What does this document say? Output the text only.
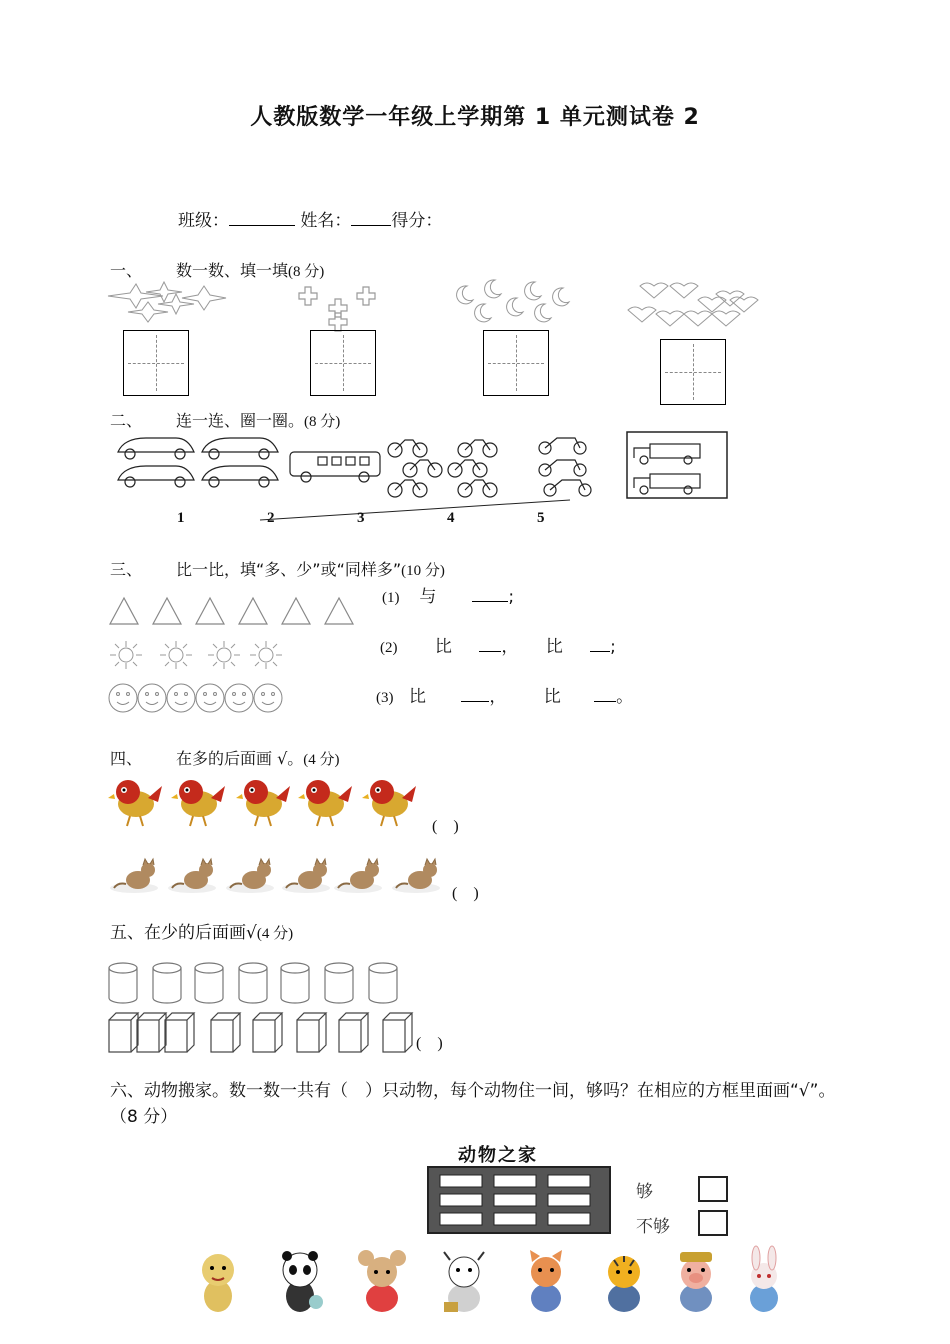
人教版数学一年级上学期第 1 单元测试卷 2
班级：	姓名： 得分：
一、 数一数、填一填(8 分)
二、 连一连、圈一圈。(8 分)
1	2	3	4	5
三、 比一比，填“多、少”或“同样多”(10 分)
(1) 与	;
(2) 比	， 比	;
(3) 比	， 比	。
四、 在多的后面画 √。(4 分)
(　)
(　)
五、在少的后面画√(4 分)
(　)
六、动物搬家。数一数一共有（　）只动物，每个动物住一间，够吗？在相应的方框里面画“√”。（8 分）
动物之家
够
不够
